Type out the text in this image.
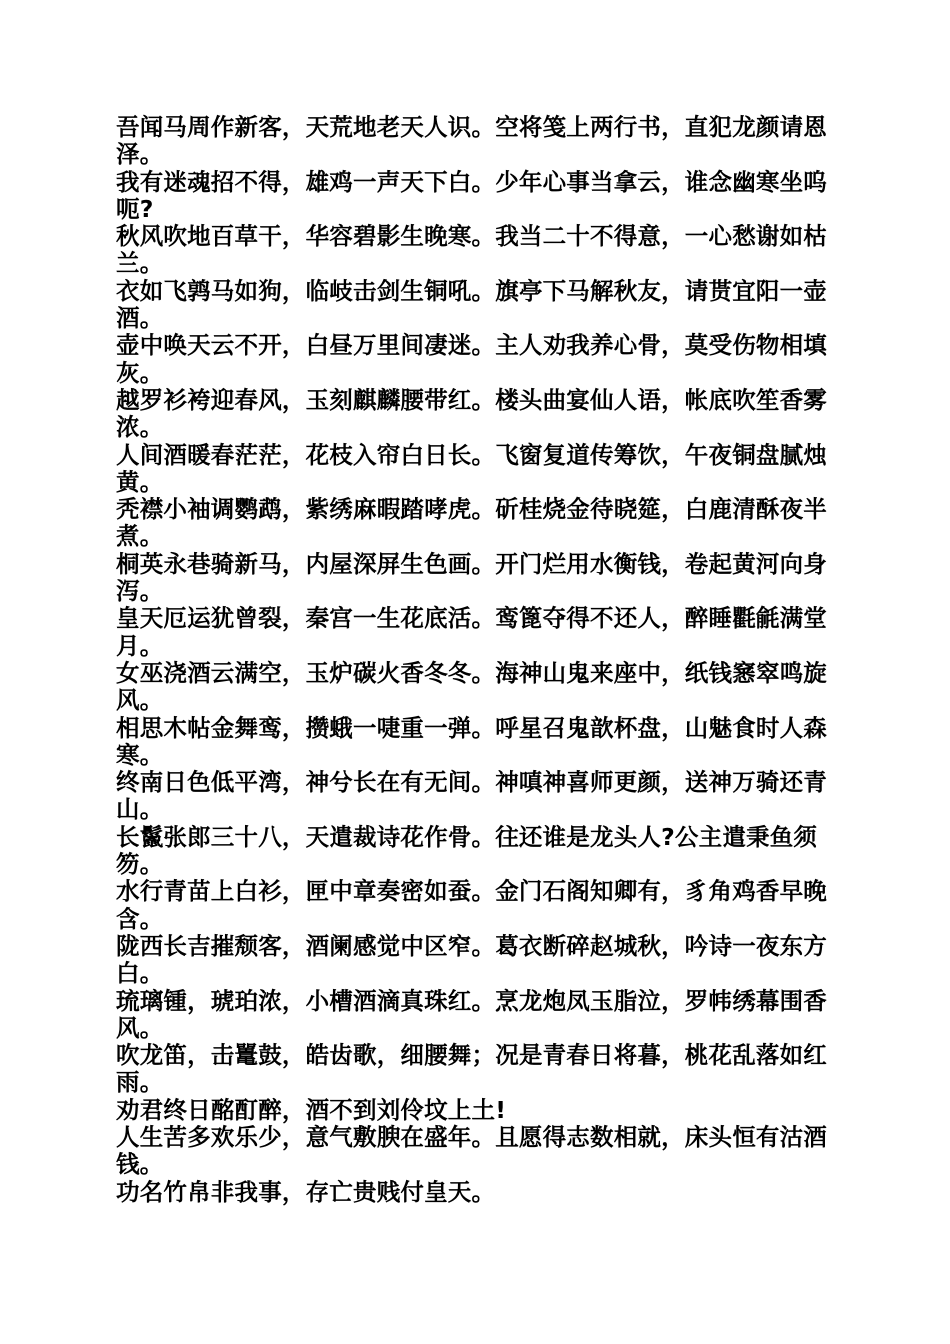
吾闻马周作新客，天荒地老天人识。空将笺上两行书，直犯龙颜请恩泽。
我有迷魂招不得，雄鸡一声天下白。少年心事当拿云，谁念幽寒坐呜呃?
秋风吹地百草干，华容碧影生晚寒。我当二十不得意，一心愁谢如枯兰。
衣如飞鹑马如狗，临岐击剑生铜吼。旗亭下马解秋友，请贳宜阳一壶酒。
壶中唤天云不开，白昼万里间凄迷。主人劝我养心骨，莫受伤物相填灰。
越罗衫袴迎春风，玉刻麒麟腰带红。楼头曲宴仙人语，帐底吹笙香雾浓。
人间酒暖春茫茫，花枝入帘白日长。飞窗复道传筹饮，午夜铜盘腻烛黄。
秃襟小袖调鹦鹉，紫绣麻暇踏哮虎。斫桂烧金待晓筵，白鹿清酥夜半煮。
桐英永巷骑新马，内屋深屏生色画。开门烂用水衡钱，卷起黄河向身泻。
皇天厄运犹曾裂，秦宫一生花底活。鸾篦夺得不还人，醉睡氍毹满堂月。
女巫浇酒云满空，玉炉碳火香冬冬。海神山鬼来座中，纸钱窸窣鸣旋风。
相思木帖金舞鸾，攒蛾一啑重一弹。呼星召鬼歆杯盘，山魅食时人森寒。
终南日色低平湾，神兮长在有无间。神嗔神喜师更颜，送神万骑还青山。
长鬣张郎三十八，天遣裁诗花作骨。往还谁是龙头人?公主遣秉鱼须笏。
水行青苗上白衫，匣中章奏密如蚕。金门石阁知卿有，豸角鸡香早晚含。
陇西长吉摧颓客，酒阑感觉中区窄。葛衣断碎赵城秋，吟诗一夜东方白。
琉璃锺，琥珀浓，小槽酒滴真珠红。烹龙炮凤玉脂泣，罗帏绣幕围香风。
吹龙笛，击鼍鼓，皓齿歌，细腰舞；况是青春日将暮，桃花乱落如红雨。
劝君终日酩酊醉，酒不到刘伶坟上土!
人生苦多欢乐少，意气敷腴在盛年。且愿得志数相就，床头恒有沽酒钱。
功名竹帛非我事，存亡贵贱付皇天。
